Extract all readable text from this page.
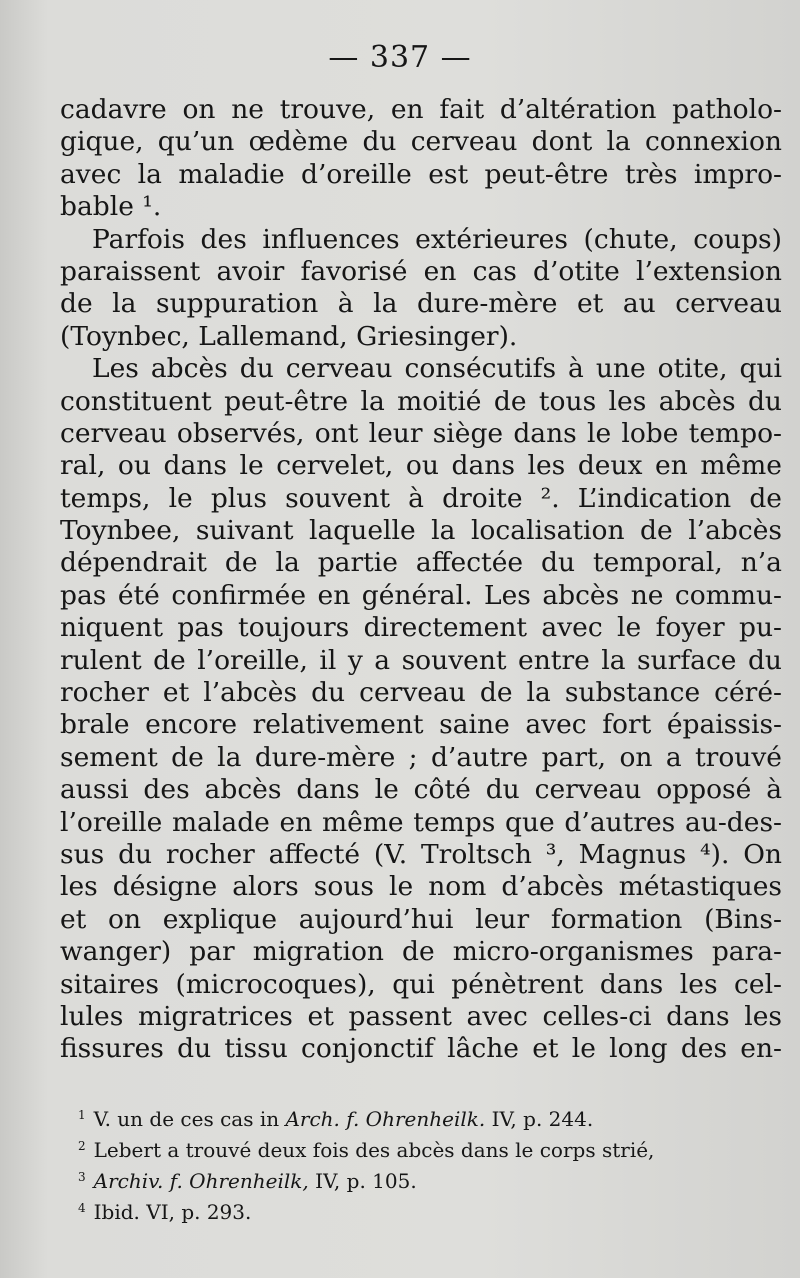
— 337 —
cadavre on ne trouve, en fait d’altération patholo-
gique, qu’un œdème du cerveau dont la connexion
avec la maladie d’oreille est peut-être très impro-
bable ¹.
Parfois des influences extérieures (chute, coups)
paraissent avoir favorisé en cas d’otite l’extension
de la suppuration à la dure-mère et au cerveau
(Toynbec, Lallemand, Griesinger).
Les abcès du cerveau consécutifs à une otite, qui
constituent peut-être la moitié de tous les abcès du
cerveau observés, ont leur siège dans le lobe tempo-
ral, ou dans le cervelet, ou dans les deux en même
temps, le plus souvent à droite ². L’indication de
Toynbee, suivant laquelle la localisation de l’abcès
dépendrait de la partie affectée du temporal, n’a
pas été confirmée en général. Les abcès ne commu-
niquent pas toujours directement avec le foyer pu-
rulent de l’oreille, il y a souvent entre la surface du
rocher et l’abcès du cerveau de la substance céré-
brale encore relativement saine avec fort épaissis-
sement de la dure-mère ; d’autre part, on a trouvé
aussi des abcès dans le côté du cerveau opposé à
l’oreille malade en même temps que d’autres au-des-
sus du rocher affecté (V. Troltsch ³, Magnus ⁴). On
les désigne alors sous le nom d’abcès métastiques
et on explique aujourd’hui leur formation (Bins-
wanger) par migration de micro-organismes para-
sitaires (microcoques), qui pénètrent dans les cel-
lules migratrices et passent avec celles-ci dans les
fissures du tissu conjonctif lâche et le long des en-
$^1$ V. un de ces cas in Arch. f. Ohrenheilk. IV, p. 244.
$^2$ Lebert a trouvé deux fois des abcès dans le corps strié,
$^3$ Archiv. f. Ohrenheilk, IV, p. 105.
$^4$ Ibid. VI, p. 293.
